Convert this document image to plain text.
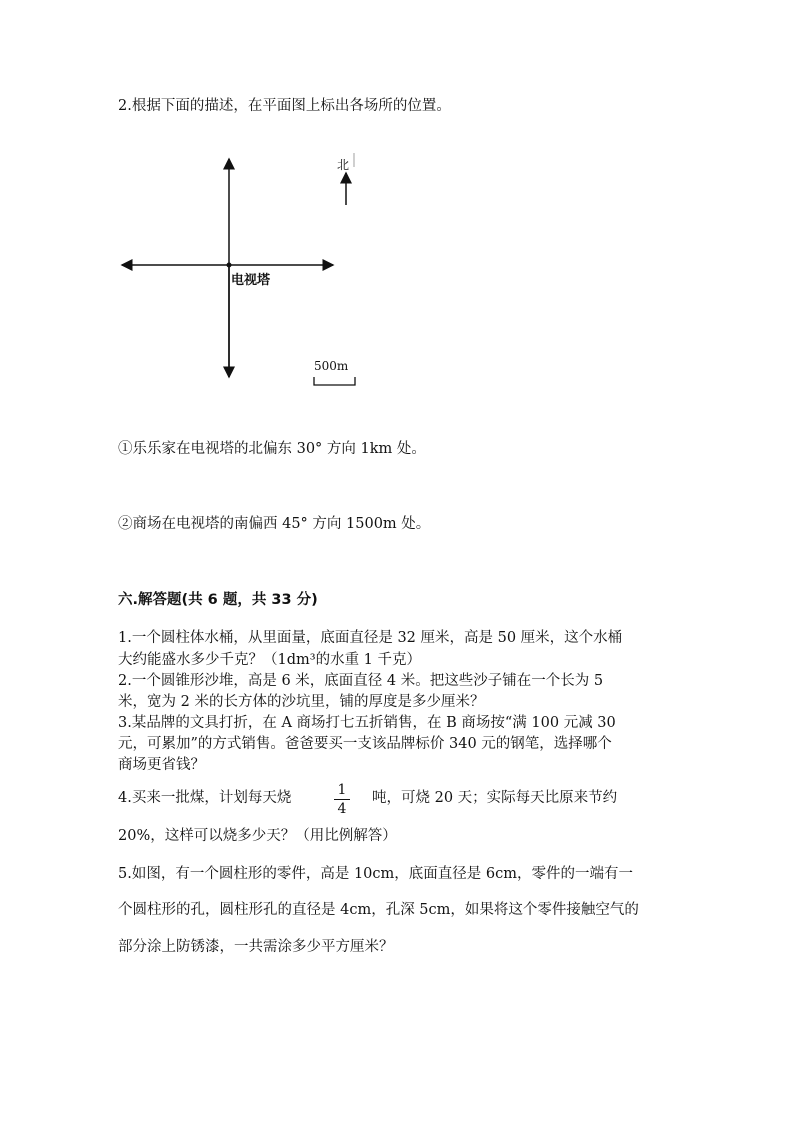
2.根据下面的描述，在平面图上标出各场所的位置。
电视塔
北
500m
①乐乐家在电视塔的北偏东 30° 方向 1km 处。
②商场在电视塔的南偏西 45° 方向 1500m 处。
六.解答题(共 6 题，共 33 分)
1.一个圆柱体水桶，从里面量，底面直径是 32 厘米，高是 50 厘米，这个水桶
大约能盛水多少千克？（1dm³的水重 1 千克）
2.一个圆锥形沙堆，高是 6 米，底面直径 4 米。把这些沙子铺在一个长为 5
米，宽为 2 米的长方体的沙坑里，铺的厚度是多少厘米？
3.某品牌的文具打折，在 A 商场打七五折销售，在 B 商场按“满 100 元减 30
元，可累加”的方式销售。爸爸要买一支该品牌标价 340 元的钢笔，选择哪个
商场更省钱？
4.买来一批煤，计划每天烧	1
4
吨，可烧 20 天；实际每天比原来节约
20%，这样可以烧多少天？（用比例解答）
5.如图，有一个圆柱形的零件，高是 10cm，底面直径是 6cm，零件的一端有一
个圆柱形的孔，圆柱形孔的直径是 4cm，孔深 5cm，如果将这个零件接触空气的
部分涂上防锈漆，一共需涂多少平方厘米？
